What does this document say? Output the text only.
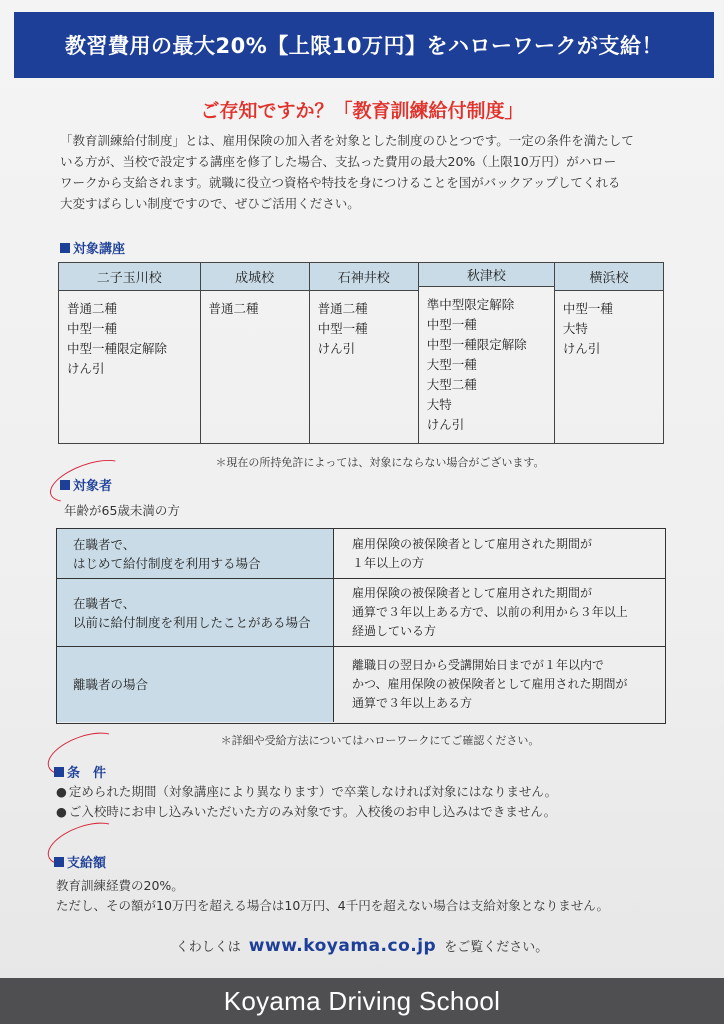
教習費用の最大20%【上限10万円】をハローワークが支給！
ご存知ですか？「教育訓練給付制度」
「教育訓練給付制度」とは、雇用保険の加入者を対象とした制度のひとつです。一定の条件を満たして
いる方が、当校で設定する講座を修了した場合、支払った費用の最大20%（上限10万円）がハロー
ワークから支給されます。就職に役立つ資格や特技を身につけることを国がバックアップしてくれる
大変すばらしい制度ですので、ぜひご活用ください。
対象講座
二子玉川校
普通二種
中型一種
中型一種限定解除
けん引
成城校
普通二種
石神井校
普通二種
中型一種
けん引
秋津校
準中型限定解除
中型一種
中型一種限定解除
大型一種
大型二種
大特
けん引
横浜校
中型一種
大特
けん引
＊現在の所持免許によっては、対象にならない場合がございます。
対象者
年齢が65歳未満の方
在職者で、
はじめて給付制度を利用する場合
雇用保険の被保険者として雇用された期間が
１年以上の方
在職者で、
以前に給付制度を利用したことがある場合
雇用保険の被保険者として雇用された期間が
通算で３年以上ある方で、以前の利用から３年以上
経過している方
離職者の場合
離職日の翌日から受講開始日までが１年以内で
かつ、雇用保険の被保険者として雇用された期間が
通算で３年以上ある方
＊詳細や受給方法についてはハローワークにてご確認ください。
条　件
● 定められた期間（対象講座により異なります）で卒業しなければ対象にはなりません。
● ご入校時にお申し込みいただいた方のみ対象です。入校後のお申し込みはできません。
支給額
教育訓練経費の20%。
ただし、その額が10万円を超える場合は10万円、4千円を超えない場合は支給対象となりません。
くわしくは www.koyama.co.jp をご覧ください。
Koyama Driving School
